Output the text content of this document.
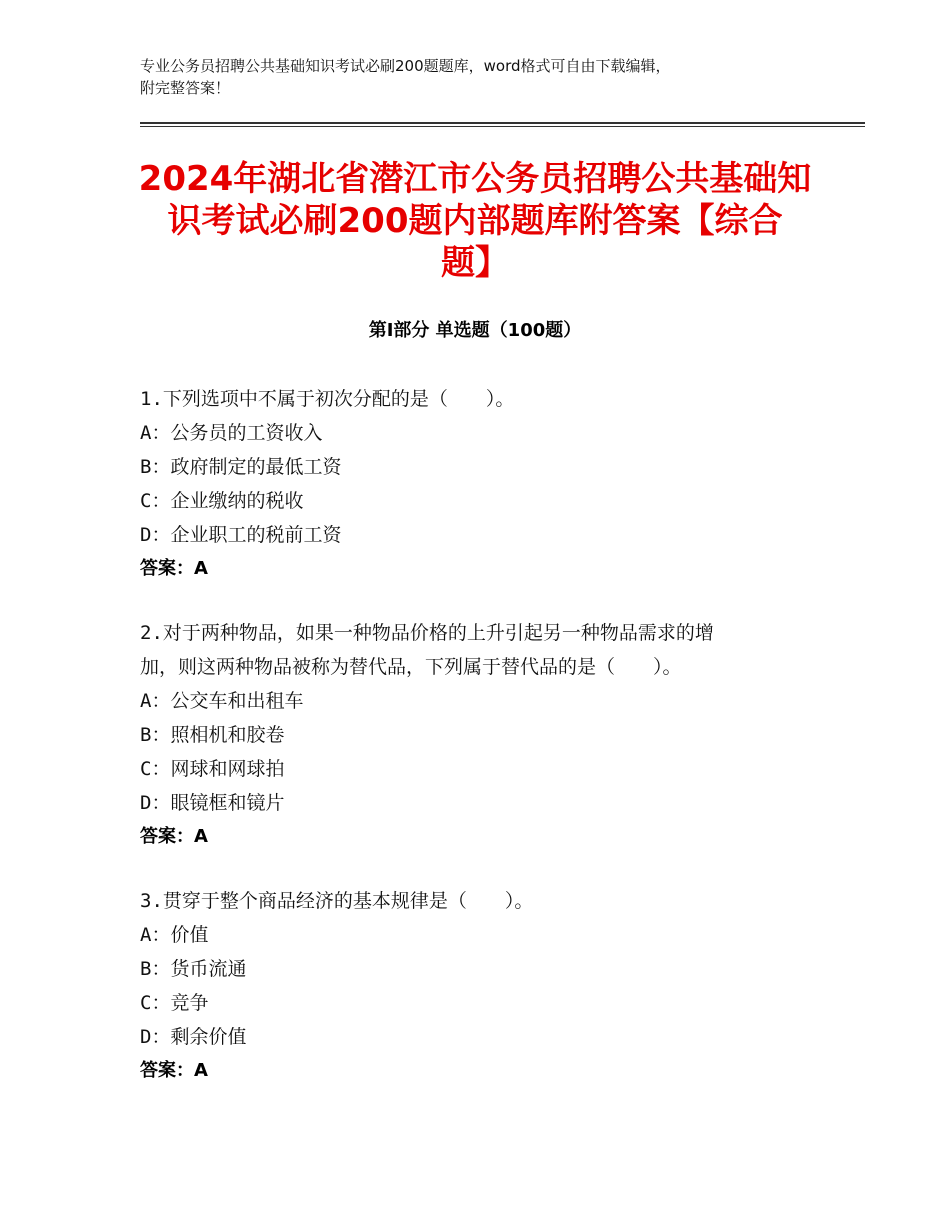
专业公务员招聘公共基础知识考试必刷200题题库，word格式可自由下载编辑，
附完整答案！
2024年湖北省潜江市公务员招聘公共基础知
识考试必刷200题内部题库附答案【综合
题】
第Ⅰ部分 单选题（100题）
1.下列选项中不属于初次分配的是（　　）。
A：公务员的工资收入
B：政府制定的最低工资
C：企业缴纳的税收
D：企业职工的税前工资
答案：A
2.对于两种物品，如果一种物品价格的上升引起另一种物品需求的增
加，则这两种物品被称为替代品，下列属于替代品的是（　　）。
A：公交车和出租车
B：照相机和胶卷
C：网球和网球拍
D：眼镜框和镜片
答案：A
3.贯穿于整个商品经济的基本规律是（　　）。
A：价值
B：货币流通
C：竞争
D：剩余价值
答案：A
